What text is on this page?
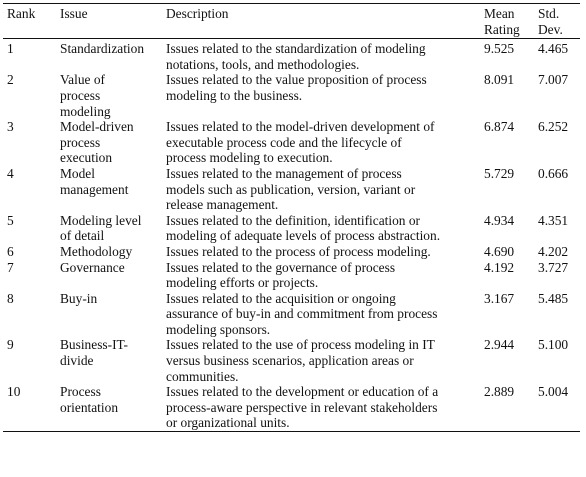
Rank	Issue	Description	Mean
Rating	Std.
Dev.
1	Standardization	Issues related to the standardization of modeling
notations, tools, and methodologies.	9.525	4.465
2	Value of
process
modeling	Issues related to the value proposition of process
modeling to the business.	8.091	7.007
3	Model-driven
process
execution	Issues related to the model-driven development of
executable process code and the lifecycle of
process modeling to execution.	6.874	6.252
4	Model
management	Issues related to the management of process
models such as publication, version, variant or
release management.	5.729	0.666
5	Modeling level
of detail	Issues related to the definition, identification or
modeling of adequate levels of process abstraction.	4.934	4.351
6	Methodology	Issues related to the process of process modeling.	4.690	4.202
7	Governance	Issues related to the governance of process
modeling efforts or projects.	4.192	3.727
8	Buy-in	Issues related to the acquisition or ongoing
assurance of buy-in and commitment from process
modeling sponsors.	3.167	5.485
9	Business-IT-
divide	Issues related to the use of process modeling in IT
versus business scenarios, application areas or
communities.	2.944	5.100
10	Process
orientation	Issues related to the development or education of a
process-aware perspective in relevant stakeholders
or organizational units.	2.889	5.004
